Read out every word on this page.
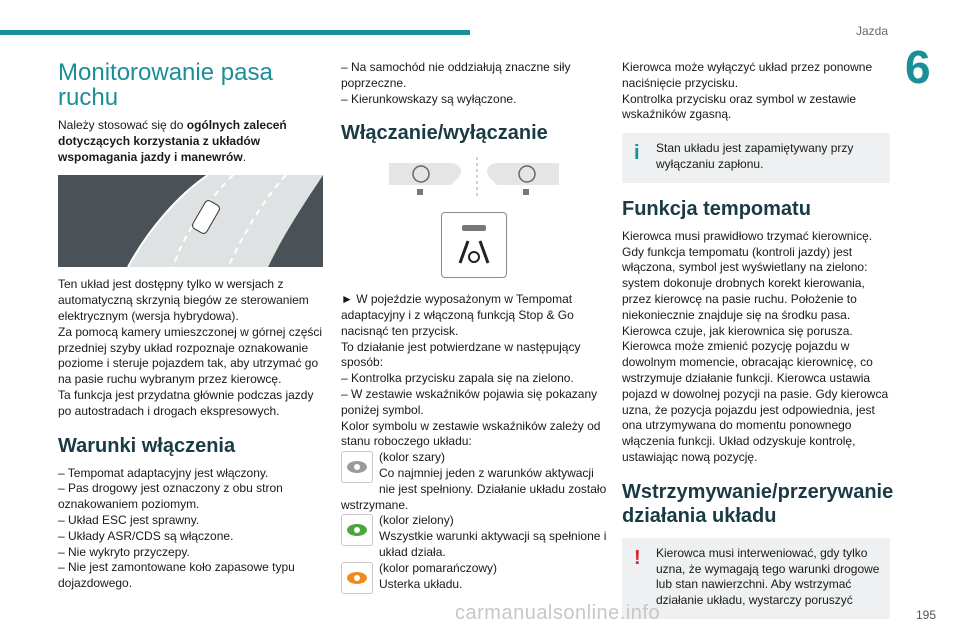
Jazda
6
195
Monitorowanie pasa ruchu

Należy stosować się do ogólnych zaleceń dotyczących korzystania z układów wspomagania jazdy i manewrów.

Ten układ jest dostępny tylko w wersjach z automatyczną skrzynią biegów ze sterowaniem elektrycznym (wersja hybrydowa).

Za pomocą kamery umieszczonej w górnej części przedniej szyby układ rozpoznaje oznakowanie poziome i steruje pojazdem tak, aby utrzymać go na pasie ruchu wybranym przez kierowcę.

Ta funkcja jest przydatna głównie podczas jazdy po autostradach i drogach ekspresowych.

Warunki włączenia

– Tempomat adaptacyjny jest włączony.

– Pas drogowy jest oznaczony z obu stron oznakowaniem poziomym.

– Układ ESC jest sprawny.

– Układy ASR/CDS są włączone.

– Nie wykryto przyczepy.

– Nie jest zamontowane koło zapasowe typu dojazdowego.

– Na samochód nie oddziałują znaczne siły poprzeczne.

– Kierunkowskazy są wyłączone.

Włączanie/wyłączanie

► W pojeździe wyposażonym w Tempomat adaptacyjny i z włączoną funkcją Stop & Go nacisnąć ten przycisk.

To działanie jest potwierdzane w następujący sposób:

– Kontrolka przycisku zapala się na zielono.

– W zestawie wskaźników pojawia się pokazany poniżej symbol.

Kolor symbolu w zestawie wskaźników zależy od stanu roboczego układu:

(kolor szary)

Co najmniej jeden z warunków aktywacji nie jest spełniony. Działanie układu zostało wstrzymane.

(kolor zielony)

Wszystkie warunki aktywacji są spełnione i układ działa.

(kolor pomarańczowy)

Usterka układu.

Kierowca może wyłączyć układ przez ponowne naciśnięcie przycisku.

Kontrolka przycisku oraz symbol w zestawie wskaźników zgasną.

i Stan układu jest zapamiętywany przy wyłączaniu zapłonu.

Funkcja tempomatu

Kierowca musi prawidłowo trzymać kierownicę. Gdy funkcja tempomatu (kontroli jazdy) jest włączona, symbol jest wyświetlany na zielono: system dokonuje drobnych korekt kierowania, przez kierowcę na pasie ruchu. Położenie to niekoniecznie znajduje się na środku pasa. Kierowca czuje, jak kierownica się porusza. Kierowca może zmienić pozycję pojazdu w dowolnym momencie, obracając kierownicę, co wstrzymuje działanie funkcji. Kierowca ustawia pojazd w dowolnej pozycji na pasie. Gdy kierowca uzna, że pozycja pojazdu jest odpowiednia, jest ona utrzymywana do momentu ponownego włączenia funkcji. Układ odzyskuje kontrolę, ustawiając nową pozycję.

Wstrzymywanie/przerywanie działania układu
! Kierowca musi interweniować, gdy tylko uzna, że wymagają tego warunki drogowe lub stan nawierzchni. Aby wstrzymać działanie układu, wystarczy poruszyć

carmanualsonline.info
